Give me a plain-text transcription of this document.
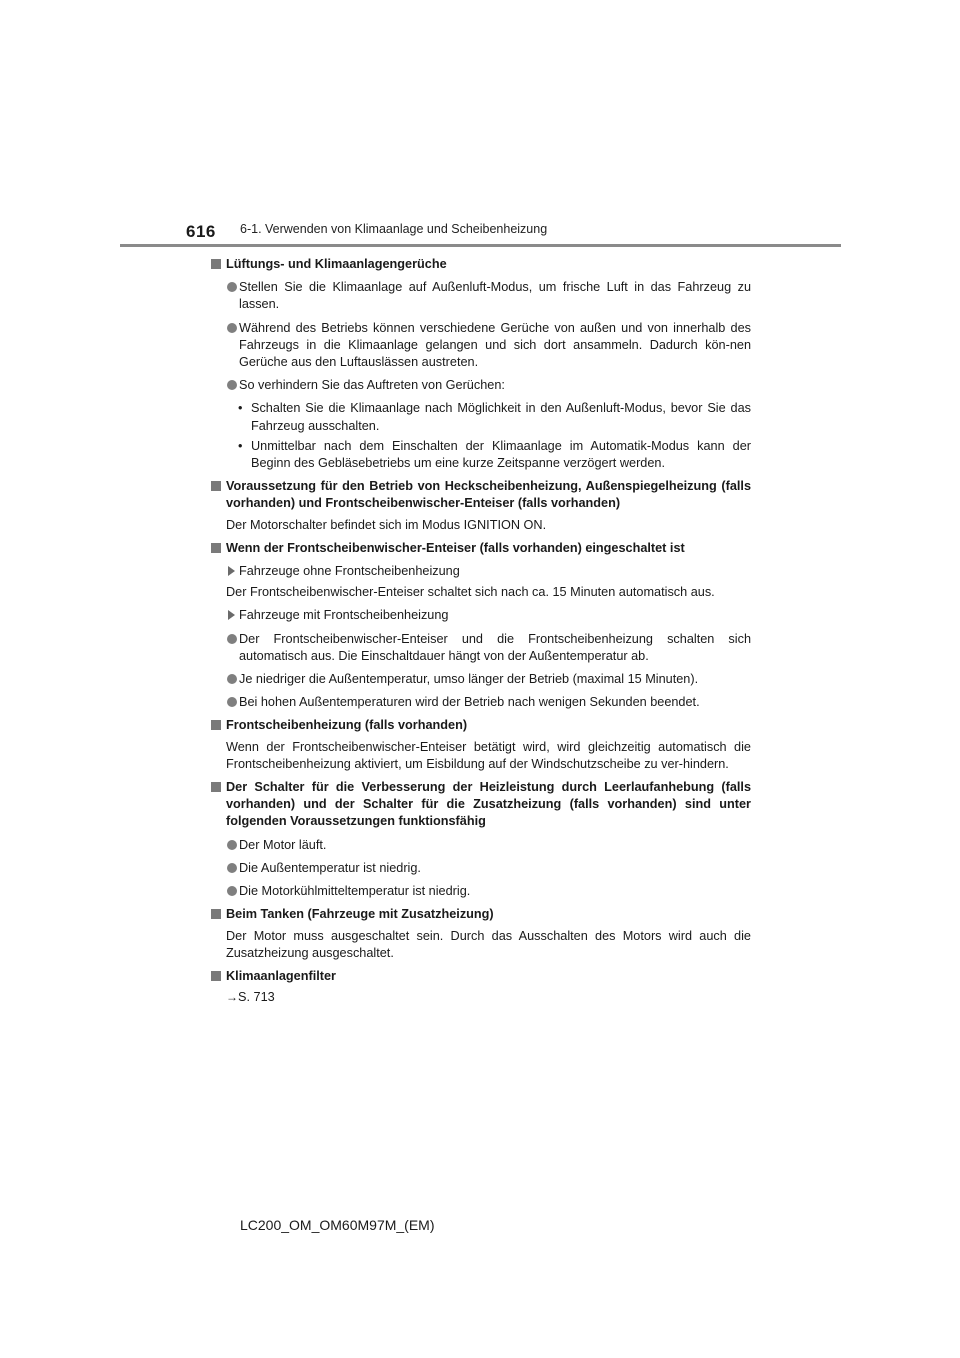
616 6-1. Verwenden von Klimaanlage und Scheibenheizung
Lüftungs- und Klimaanlagengerüche
Stellen Sie die Klimaanlage auf Außenluft-Modus, um frische Luft in das Fahrzeug zu lassen.
Während des Betriebs können verschiedene Gerüche von außen und von innerhalb des Fahrzeugs in die Klimaanlage gelangen und sich dort ansammeln. Dadurch kön-nen Gerüche aus den Luftauslässen austreten.
So verhindern Sie das Auftreten von Gerüchen:
• Schalten Sie die Klimaanlage nach Möglichkeit in den Außenluft-Modus, bevor Sie das Fahrzeug ausschalten.
• Unmittelbar nach dem Einschalten der Klimaanlage im Automatik-Modus kann der Beginn des Gebläsebetriebs um eine kurze Zeitspanne verzögert werden.
Voraussetzung für den Betrieb von Heckscheibenheizung, Außenspiegelheizung (falls vorhanden) und Frontscheibenwischer-Enteiser (falls vorhanden)
Der Motorschalter befindet sich im Modus IGNITION ON.
Wenn der Frontscheibenwischer-Enteiser (falls vorhanden) eingeschaltet ist
Fahrzeuge ohne Frontscheibenheizung
Der Frontscheibenwischer-Enteiser schaltet sich nach ca. 15 Minuten automatisch aus.
Fahrzeuge mit Frontscheibenheizung
Der Frontscheibenwischer-Enteiser und die Frontscheibenheizung schalten sich automatisch aus. Die Einschaltdauer hängt von der Außentemperatur ab.
Je niedriger die Außentemperatur, umso länger der Betrieb (maximal 15 Minuten).
Bei hohen Außentemperaturen wird der Betrieb nach wenigen Sekunden beendet.
Frontscheibenheizung (falls vorhanden)
Wenn der Frontscheibenwischer-Enteiser betätigt wird, wird gleichzeitig automatisch die Frontscheibenheizung aktiviert, um Eisbildung auf der Windschutzscheibe zu ver-hindern.
Der Schalter für die Verbesserung der Heizleistung durch Leerlaufanhebung (falls vorhanden) und der Schalter für die Zusatzheizung (falls vorhanden) sind unter folgenden Voraussetzungen funktionsfähig
Der Motor läuft.
Die Außentemperatur ist niedrig.
Die Motorkühlmitteltemperatur ist niedrig.
Beim Tanken (Fahrzeuge mit Zusatzheizung)
Der Motor muss ausgeschaltet sein. Durch das Ausschalten des Motors wird auch die Zusatzheizung ausgeschaltet.
Klimaanlagenfilter
→S. 713
LC200_OM_OM60M97M_(EM)
